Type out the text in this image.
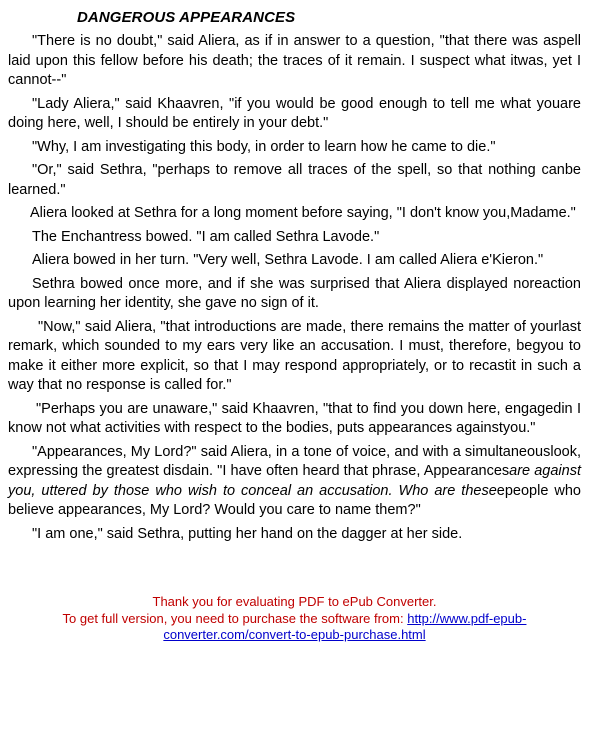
DANGEROUS APPEARANCES

"There is no doubt," said Aliera, as if in answer to a question, "that there was aspell laid upon this fellow before his death; the traces of it remain. I suspect what itwas, yet I cannot--"

"Lady Aliera," said Khaavren, "if you would be good enough to tell me what youare doing here, well, I should be entirely in your debt."

"Why, I am investigating this body, in order to learn how he came to die."

"Or," said Sethra, "perhaps to remove all traces of the spell, so that nothing canbe learned."

Aliera looked at Sethra for a long moment before saying, "I don't know you,Madame."

The Enchantress bowed. "I am called Sethra Lavode."

Aliera bowed in her turn. "Very well, Sethra Lavode. I am called Aliera e'Kieron."

Sethra bowed once more, and if she was surprised that Aliera displayed noreaction upon learning her identity, she gave no sign of it.

"Now," said Aliera, "that introductions are made, there remains the matter of yourlast remark, which sounded to my ears very like an accusation. I must, therefore, begyou to make it either more explicit, so that I may respond appropriately, or to recastit in such a way that no response is called for."

"Perhaps you are unaware," said Khaavren, "that to find you down here, engagedin I know not what activities with respect to the bodies, puts appearances againstyou."

"Appearances, My Lord?" said Aliera, in a tone of voice, and with a simultaneouslook, expressing the greatest disdain. "I have often heard that phrase, Appearancesare against you, uttered by those who wish to conceal an accusation. Who are theseepeople who believe appearances, My Lord? Would you care to name them?"

"I am one," said Sethra, putting her hand on the dagger at her side.

Thank you for evaluating PDF to ePub Converter.
To get full version, you need to purchase the software from: http://www.pdf-epub-converter.com/convert-to-epub-purchase.html
